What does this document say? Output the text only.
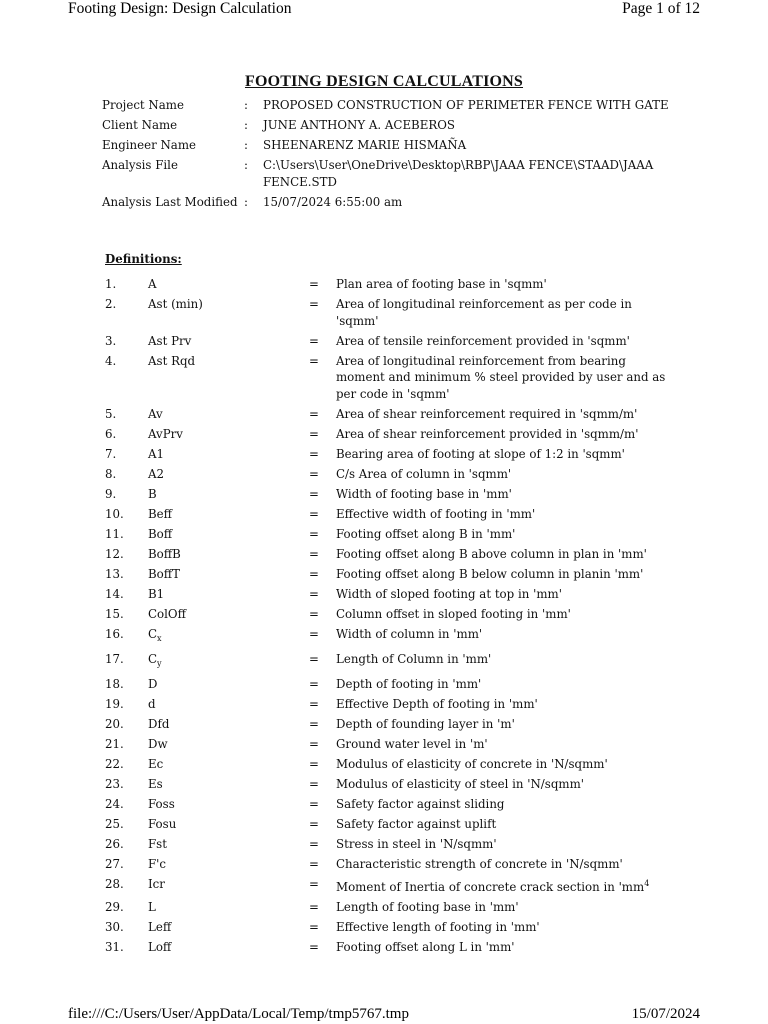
Footing Design: Design Calculation	Page 1 of 12
FOOTING DESIGN CALCULATIONS
Project Name	:	PROPOSED CONSTRUCTION OF PERIMETER FENCE WITH GATE
Client Name	:	JUNE ANTHONY A. ACEBEROS
Engineer Name	:	SHEENARENZ MARIE HISMAÑA
Analysis File	:	C:\Users\User\OneDrive\Desktop\RBP\JAAA FENCE\STAAD\JAAA FENCE.STD
Analysis Last Modified :	15/07/2024 6:55:00 am
Definitions:
1.	A	=	Plan area of footing base in 'sqmm'
2.	Ast (min)	=	Area of longitudinal reinforcement as per code in 'sqmm'
3.	Ast Prv	=	Area of tensile reinforcement provided in 'sqmm'
4.	Ast Rqd	=	Area of longitudinal reinforcement from bearing moment and minimum % steel provided by user and as per code in 'sqmm'
5.	Av	=	Area of shear reinforcement required in 'sqmm/m'
6.	AvPrv	=	Area of shear reinforcement provided in 'sqmm/m'
7.	A1	=	Bearing area of footing at slope of 1:2 in 'sqmm'
8.	A2	=	C/s Area of column in 'sqmm'
9.	B	=	Width of footing base in 'mm'
10.	Beff	=	Effective width of footing in 'mm'
11.	Boff	=	Footing offset along B in 'mm'
12.	BoffB	=	Footing offset along B above column in plan in 'mm'
13.	BoffT	=	Footing offset along B below column in planin 'mm'
14.	B1	=	Width of sloped footing at top in 'mm'
15.	ColOff	=	Column offset in sloped footing in 'mm'
16.	$C_x$	=	Width of column in 'mm'
17.	$C_y$	=	Length of Column in 'mm'
18.	D	=	Depth of footing in 'mm'
19.	d	=	Effective Depth of footing in 'mm'
20.	Dfd	=	Depth of founding layer in 'm'
21.	Dw	=	Ground water level in 'm'
22.	Ec	=	Modulus of elasticity of concrete in 'N/sqmm'
23.	Es	=	Modulus of elasticity of steel in 'N/sqmm'
24.	Foss	=	Safety factor against sliding
25.	Fosu	=	Safety factor against uplift
26.	Fst	=	Stress in steel in 'N/sqmm'
27.	F'c	=	Characteristic strength of concrete in 'N/sqmm'
28.	Icr	=	Moment of Inertia of concrete crack section in '$mm^4$
29.	L	=	Length of footing base in 'mm'
30.	Leff	=	Effective length of footing in 'mm'
31.	Loff	=	Footing offset along L in 'mm'
file:///C:/Users/User/AppData/Local/Temp/tmp5767.tmp	15/07/2024
